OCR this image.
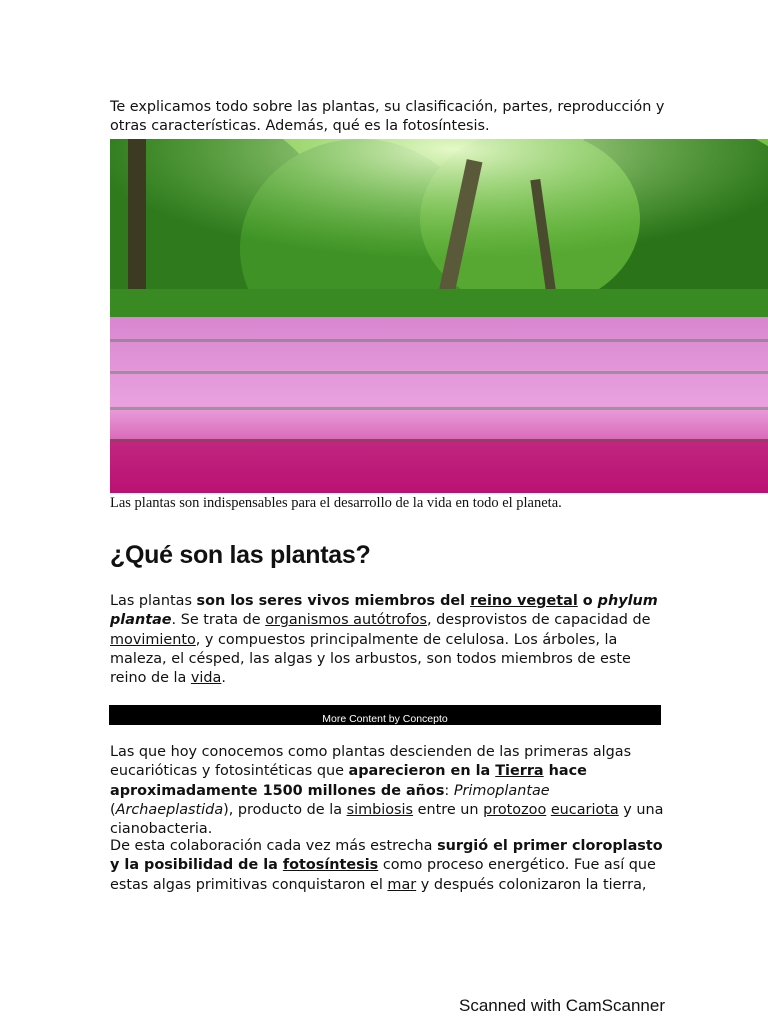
Te explicamos todo sobre las plantas, su clasificación, partes, reproducción y otras características. Además, qué es la fotosíntesis.

Las plantas son indispensables para el desarrollo de la vida en todo el planeta.
¿Qué son las plantas?

Las plantas son los seres vivos miembros del reino vegetal o phylum plantae. Se trata de organismos autótrofos, desprovistos de capacidad de movimiento, y compuestos principalmente de celulosa. Los árboles, la maleza, el césped, las algas y los arbustos, son todos miembros de este reino de la vida.

More Content by Concepto

Las que hoy conocemos como plantas descienden de las primeras algas eucarióticas y fotosintéticas que aparecieron en la Tierra hace aproximadamente 1500 millones de años: Primoplantae (Archaeplastida), producto de la simbiosis entre un protozoo eucariota y una cianobacteria.

De esta colaboración cada vez más estrecha surgió el primer cloroplasto y la posibilidad de la fotosíntesis como proceso energético. Fue así que estas algas primitivas conquistaron el mar y después colonizaron la tierra,

Scanned with CamScanner
